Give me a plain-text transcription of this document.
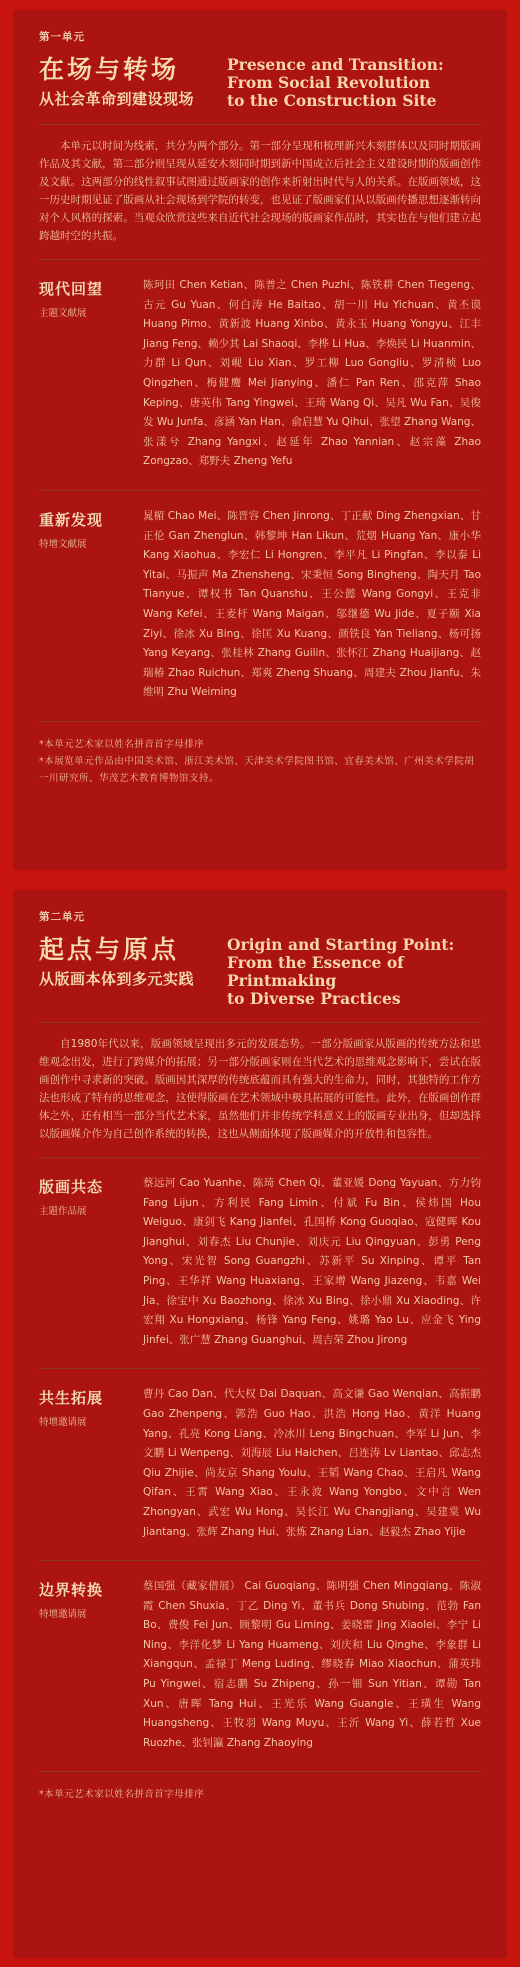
第一单元
在场与转场
从社会革命到建设现场
Presence and Transition:
From Social Revolution
to the Construction Site

本单元以时间为线索，共分为两个部分。第一部分呈现和梳理新兴木刻群体以及同时期版画作品及其文献，第二部分则呈现从延安木刻同时期到新中国成立后社会主义建设时期的版画创作及文献。这两部分的线性叙事试图通过版画家的创作来折射出时代与人的关系。在版画领域，这一历史时期见证了版画从社会现场到学院的转变，也见证了版画家们从以版画传播思想逐渐转向对个人风格的探索。当观众欣赏这些来自近代社会现场的版画家作品时，其实也在与他们建立起跨越时空的共振。

现代回望
主题文献展
陈珂田 Chen Ketian、陈普之 Chen Puzhi、陈铁耕 Chen Tiegeng、古元 Gu Yuan、何白涛 He Baitao、胡一川 Hu Yichuan、黄丕谟 Huang Pimo、黄新波 Huang Xinbo、黄永玉 Huang Yongyu、江丰 Jiang Feng、赖少其 Lai Shaoqi、李桦 Li Hua、李焕民 Li Huanmin、力群 Li Qun、刘岘 Liu Xian、罗工柳 Luo Gongliu、罗清桢 Luo Qingzhen、梅健鹰 Mei Jianying、潘仁 Pan Ren、邵克萍 Shao Keping、唐英伟 Tang Yingwei、王琦 Wang Qi、吴凡 Wu Fan、吴俊发 Wu Junfa、彦涵 Yan Han、俞启慧 Yu Qihui、张望 Zhang Wang、张漾兮 Zhang Yangxi、赵延年 Zhao Yannian、赵宗藻 Zhao Zongzao、郑野夫 Zheng Yefu
重新发现
特增文献展
晁楣 Chao Mei、陈晋容 Chen Jinrong、丁正献 Ding Zhengxian、甘正伦 Gan Zhenglun、韩黎坤 Han Likun、荒烟 Huang Yan、康小华 Kang Xiaohua、李宏仁 Li Hongren、李平凡 Li Pingfan、李以泰 Li Yitai、马振声 Ma Zhensheng、宋秉恒 Song Bingheng、陶天月 Tao Tianyue、谭权书 Tan Quanshu、王公懿 Wang Gongyi、王克非 Wang Kefei、王麦杆 Wang Maigan、邬继德 Wu Jide、夏子颐 Xia Ziyi、徐冰 Xu Bing、徐匡 Xu Kuang、颜铁良 Yan Tieliang、杨可扬 Yang Keyang、张桂林 Zhang Guilin、张怀江 Zhang Huaijiang、赵瑞椿 Zhao Ruichun、郑爽 Zheng Shuang、周建夫 Zhou Jianfu、朱维明 Zhu Weiming
*本单元艺术家以姓名拼音首字母排序
*本展览单元作品由中国美术馆、浙江美术馆、天津美术学院图书馆、宜春美术馆、广州美术学院胡一川研究所、华茂艺术教育博物馆支持。
第二单元
起点与原点
从版画本体到多元实践
Origin and Starting Point:
From the Essence of Printmaking
to Diverse Practices

自1980年代以来，版画领域呈现出多元的发展态势。一部分版画家从版画的传统方法和思维观念出发，进行了跨媒介的拓展；另一部分版画家则在当代艺术的思维观念影响下，尝试在版画创作中寻求新的突破。版画因其深厚的传统底蕴而具有强大的生命力，同时，其独特的工作方法也形成了特有的思维观念，这使得版画在艺术领域中极具拓展的可能性。此外，在版画创作群体之外，还有相当一部分当代艺术家，虽然他们并非传统学科意义上的版画专业出身，但却选择以版画媒介作为自己创作系统的转换，这也从侧面体现了版画媒介的开放性和包容性。

版画共态
主题作品展
蔡远河 Cao Yuanhe、陈琦 Chen Qi、董亚媛 Dong Yayuan、方力钧 Fang Lijun、方利民 Fang Limin、付斌 Fu Bin、侯炜国 Hou Weiguo、康剑飞 Kang Jianfei、孔国桥 Kong Guoqiao、寇健晖 Kou Jianghui、刘春杰 Liu Chunjie、刘庆元 Liu Qingyuan、彭勇 Peng Yong、宋光智 Song Guangzhi、苏新平 Su Xinping、谭平 Tan Ping、王华祥 Wang Huaxiang、王家增 Wang Jiazeng、韦嘉 Wei Jia、徐宝中 Xu Baozhong、徐冰 Xu Bing、徐小鼎 Xu Xiaoding、许宏翔 Xu Hongxiang、杨锋 Yang Feng、姚璐 Yao Lu、应金飞 Ying Jinfei、张广慧 Zhang Guanghui、周吉荣 Zhou Jirong
共生拓展
特增邀请展
曹丹 Cao Dan、代大权 Dai Daquan、高文谦 Gao Wenqian、高振鹏 Gao Zhenpeng、郭浩 Guo Hao、洪浩 Hong Hao、黄洋 Huang Yang、孔亮 Kong Liang、冷冰川 Leng Bingchuan、李军 Li Jun、李文鹏 Li Wenpeng、刘海辰 Liu Haichen、吕连涛 Lv Liantao、邱志杰 Qiu Zhijie、尚友京 Shang Youlu、王韬 Wang Chao、王启凡 Wang Qifan、王霄 Wang Xiao、王永波 Wang Yongbo、文中言 Wen Zhongyan、武宏 Wu Hong、吴长江 Wu Changjiang、吴建棠 Wu Jiantang、张辉 Zhang Hui、张炼 Zhang Lian、赵毅杰 Zhao Yijie
边界转换
特增邀请展
蔡国强（藏家借展） Cai Guoqiang、陈明强 Chen Mingqiang、陈淑霞 Chen Shuxia、丁乙 Ding Yi、董书兵 Dong Shubing、范勃 Fan Bo、费俊 Fei Jun、顾黎明 Gu Liming、姜晓雷 Jing Xiaolei、李宁 Li Ning、李洋化梦 Li Yang Huameng、刘庆和 Liu Qinghe、李象群 Li Xiangqun、孟禄丁 Meng Luding、缪晓春 Miao Xiaochun、蒲英玮 Pu Yingwei、宿志鹏 Su Zhipeng、孙一钿 Sun Yitian、谭勋 Tan Xun、唐晖 Tang Hui、王光乐 Wang Guangle、王璜生 Wang Huangsheng、王牧羽 Wang Muyu、王沂 Wang Yi、薛若哲 Xue Ruozhe、张钊瀛 Zhang Zhaoying
*本单元艺术家以姓名拼音首字母排序
